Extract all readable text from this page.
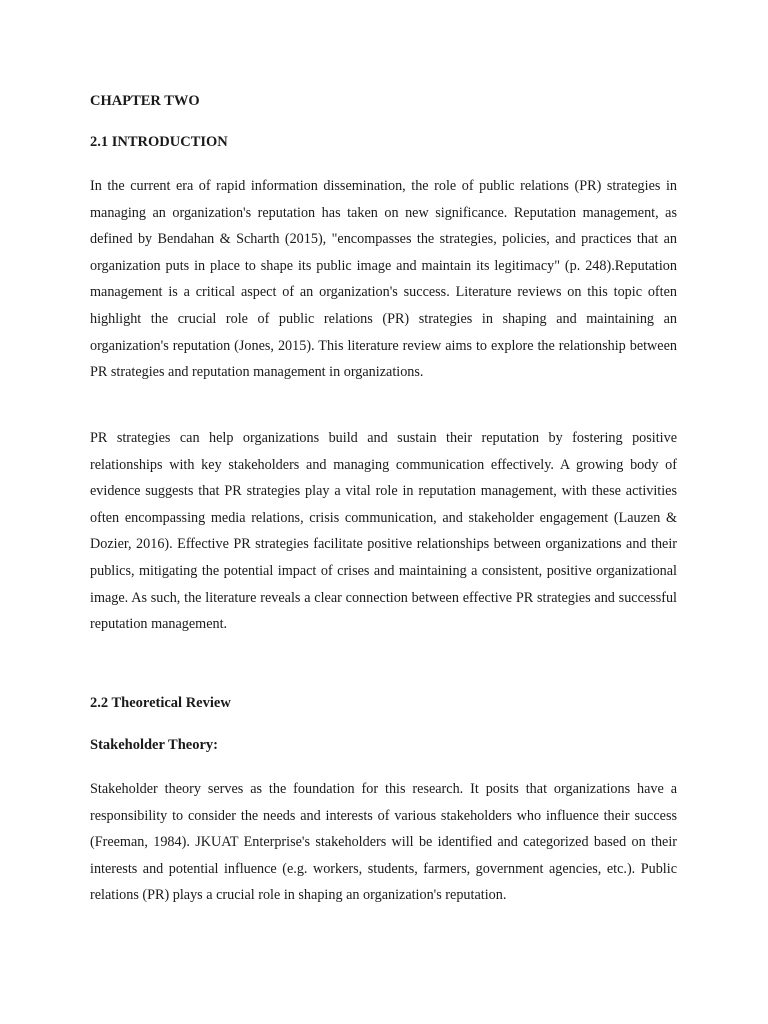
CHAPTER TWO
2.1 INTRODUCTION

In the current era of rapid information dissemination, the role of public relations (PR) strategies in managing an organization's reputation has taken on new significance. Reputation management, as defined by Bendahan & Scharth (2015), "encompasses the strategies, policies, and practices that an organization puts in place to shape its public image and maintain its legitimacy" (p. 248).Reputation management is a critical aspect of an organization's success. Literature reviews on this topic often highlight the crucial role of public relations (PR) strategies in shaping and maintaining an organization's reputation (Jones, 2015). This literature review aims to explore the relationship between PR strategies and reputation management in organizations.

PR strategies can help organizations build and sustain their reputation by fostering positive relationships with key stakeholders and managing communication effectively. A growing body of evidence suggests that PR strategies play a vital role in reputation management, with these activities often encompassing media relations, crisis communication, and stakeholder engagement (Lauzen & Dozier, 2016). Effective PR strategies facilitate positive relationships between organizations and their publics, mitigating the potential impact of crises and maintaining a consistent, positive organizational image. As such, the literature reveals a clear connection between effective PR strategies and successful reputation management.

2.2 Theoretical Review
Stakeholder Theory:

Stakeholder theory serves as the foundation for this research. It posits that organizations have a responsibility to consider the needs and interests of various stakeholders who influence their success (Freeman, 1984). JKUAT Enterprise's stakeholders will be identified and categorized based on their interests and potential influence (e.g. workers, students, farmers, government agencies, etc.). Public relations (PR) plays a crucial role in shaping an organization's reputation.
